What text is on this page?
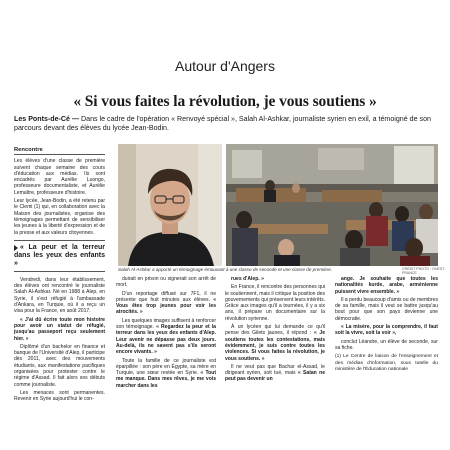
Autour d'Angers
« Si vous faites la révolution, je vous soutiens »
Les Ponts-de-Cé — Dans le cadre de l'opération « Renvoyé spécial », Salah Al-Ashkar, journaliste syrien en exil, a témoigné de son parcours devant des élèves du lycée Jean-Bodin.
Rencontre

Les élèves d'une classe de première suivent chaque semaine des cours d'éducation aux médias. Ils sont encadrés par Aurélie Luongo, professeure documentaliste, et Aurélie Lemaître, professeure d'histoire.

Leur lycée, Jean-Bodin, a été retenu par le Clemi (1) qui, en collaboration avec la Maison des journalistes, organise des témoignages permettant de sensibiliser les jeunes à la liberté d'expression et de la presse et aux valeurs citoyennes.

« La peur et la terreur dans les yeux des enfants »

Vendredi, dans leur établissement, des élèves ont rencontré le journaliste Salah Al-Ashkar. Né en 1988 à Alep, en Syrie, il s'est réfugié à l'ambassade d'Ankara, en Turquie, où il a reçu un visa pour la France, en août 2017.

« J'ai dû écrire toute mon histoire pour avoir un statut de réfugié, jusqu'au passeport reçu seulement hier. »

Diplômé d'un bachelor en finance et banque de l'Université d'Alep, il participe dès 2011, avec des mouvements étudiants, aux manifestations pacifiques organisées pour protester contre le régime d'Assad. Il fait alors ses débuts comme journaliste.

Les menaces sont permanentes. Revenir en Syrie aujourd'hui le con-

Salah Al-Ashkar a apporté un témoignage émouvant à une classe de seconde et une classe de première.	CRÉDIT PHOTO : OUEST-FRANCE

duirait en prison ou signerait son arrêt de mort.

D'un reportage diffusé sur 7F1, il ne présente que huit minutes aux élèves. « Vous êtes trop jeunes pour voir les atrocités. »

Les quelques images suffisent à renforcer son témoignage. « Regardez la peur et la terreur dans les yeux des enfants d'Alep. Leur avenir ne dépasse pas deux jours. Au-delà, ils ne savent pas s'ils seront encore vivants. »

Toute la famille de ce journaliste est éparpillée : son père en Égypte, sa mère en Turquie, une sœur restée en Syrie. « Tout me manque. Dans mes rêves, je me vois marcher dans les

rues d'Alep. »

En France, il rencontre des personnes qui le soutiennent, mais il critique la position des gouvernements qui préservent leurs intérêts. Grâce aux images qu'il a tournées, il y a six ans, il prépare un documentaire sur la révolution syrienne.

À un lycéen qui lui demande ce qu'il pense des Gilets jaunes, il répond : « Je soutiens toutes les contestations, mais évidemment, je suis contre toutes les violences. Si vous faites la révolution, je vous soutiens. »

Il ne veut pas que Bachar el-Assad, le dirigeant syrien, soit tué, mais « Satan ne peut pas devenir un

ange. Je souhaite que toutes les nationalités kurde, arabe, arménienne puissent vivre ensemble. »

Il a perdu beaucoup d'amis ou de membres de sa famille, mais il veut se battre jusqu'au bout pour que son pays devienne une démocratie.

« La misère, pour la comprendre, il faut soit la vivre, soit la voir »,

conclut Léandre, un élève de seconde, sur sa fiche.

(1) Le Centre de liaison de l'enseignement et des médias d'information, sous tutelle du ministère de l'Éducation nationale
